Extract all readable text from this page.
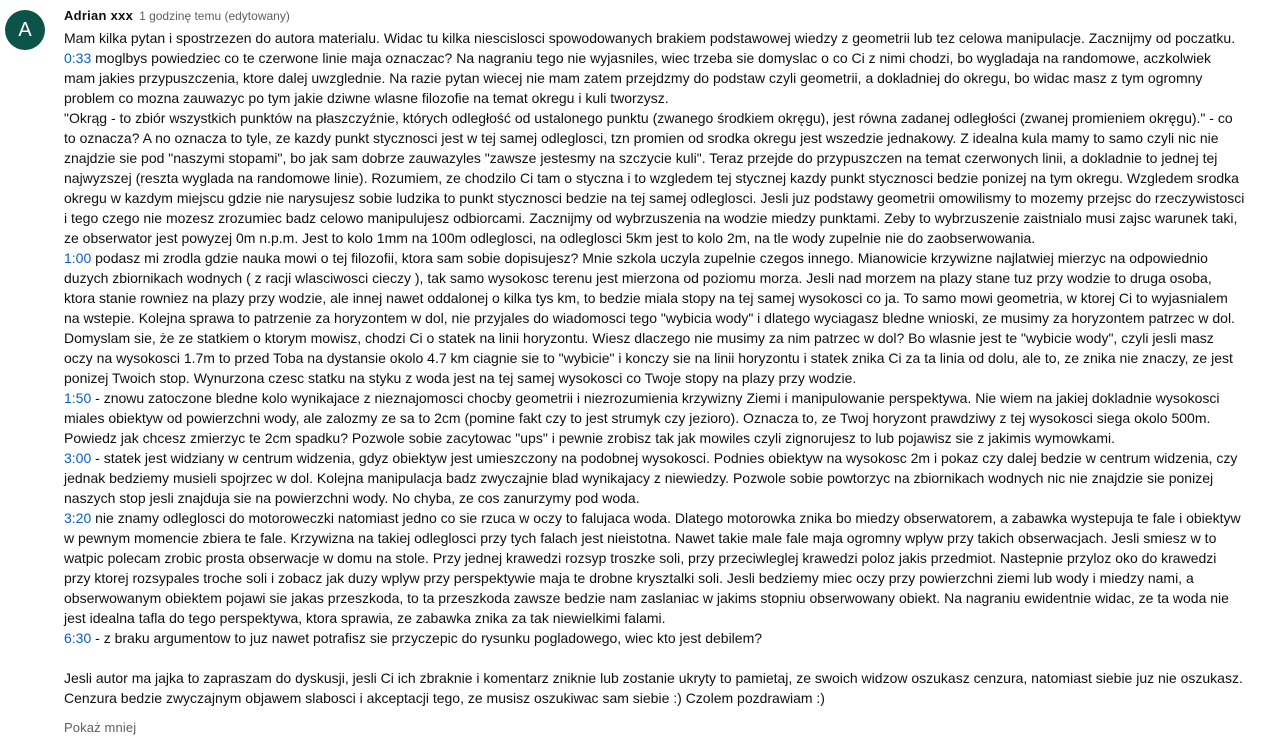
A
Adrian xxx 1 godzinę temu (edytowany)
Mam kilka pytan i spostrzezen do autora materialu. Widac tu kilka niescislosci spowodowanych brakiem podstawowej wiedzy z geometrii lub tez celowa manipulacje. Zacznijmy od poczatku.
0:33 moglbys powiedziec co te czerwone linie maja oznaczac? Na nagraniu tego nie wyjasniles, wiec trzeba sie domyslac o co Ci z nimi chodzi, bo wygladaja na randomowe, aczkolwiek mam jakies przypuszczenia, ktore dalej uwzglednie. Na razie pytan wiecej nie mam zatem przejdzmy do podstaw czyli geometrii, a dokladniej do okregu, bo widac masz z tym ogromny problem co mozna zauwazyc po tym jakie dziwne wlasne filozofie na temat okregu i kuli tworzysz.
"Okrąg - to zbiór wszystkich punktów na płaszczyźnie, których odległość od ustalonego punktu (zwanego środkiem okręgu), jest równa zadanej odległości (zwanej promieniem okręgu)." - co to oznacza? A no oznacza to tyle, ze kazdy punkt stycznosci jest w tej samej odleglosci, tzn promien od srodka okregu jest wszedzie jednakowy. Z idealna kula mamy to samo czyli nic nie znajdzie sie pod "naszymi stopami", bo jak sam dobrze zauwazyles "zawsze jestesmy na szczycie kuli". Teraz przejde do przypuszczen na temat czerwonych linii, a dokladnie to jednej tej najwyzszej (reszta wyglada na randomowe linie). Rozumiem, ze chodzilo Ci tam o styczna i to wzgledem tej stycznej kazdy punkt stycznosci bedzie ponizej na tym okregu. Wzgledem srodka okregu w kazdym miejscu gdzie nie narysujesz sobie ludzika to punkt stycznosci bedzie na tej samej odleglosci. Jesli juz podstawy geometrii omowilismy to mozemy przejsc do rzeczywistosci i tego czego nie mozesz zrozumiec badz celowo manipulujesz odbiorcami. Zacznijmy od wybrzuszenia na wodzie miedzy punktami. Zeby to wybrzuszenie zaistnialo musi zajsc warunek taki, ze obserwator jest powyzej 0m n.p.m. Jest to kolo 1mm na 100m odleglosci, na odleglosci 5km jest to kolo 2m, na tle wody zupelnie nie do zaobserwowania.
1:00 podasz mi zrodla gdzie nauka mowi o tej filozofii, ktora sam sobie dopisujesz? Mnie szkola uczyla zupelnie czegos innego. Mianowicie krzywizne najlatwiej mierzyc na odpowiednio duzych zbiornikach wodnych ( z racji wlasciwosci cieczy ), tak samo wysokosc terenu jest mierzona od poziomu morza. Jesli nad morzem na plazy stane tuz przy wodzie to druga osoba, ktora stanie rowniez na plazy przy wodzie, ale innej nawet oddalonej o kilka tys km, to bedzie miala stopy na tej samej wysokosci co ja. To samo mowi geometria, w ktorej Ci to wyjasnialem na wstepie. Kolejna sprawa to patrzenie za horyzontem w dol, nie przyjales do wiadomosci tego "wybicia wody" i dlatego wyciagasz bledne wnioski, ze musimy za horyzontem patrzec w dol. Domyslam sie, że ze statkiem o ktorym mowisz, chodzi Ci o statek na linii horyzontu. Wiesz dlaczego nie musimy za nim patrzec w dol? Bo wlasnie jest te "wybicie wody", czyli jesli masz oczy na wysokosci 1.7m to przed Toba na dystansie okolo 4.7 km ciagnie sie to "wybicie" i konczy sie na linii horyzontu i statek znika Ci za ta linia od dolu, ale to, ze znika nie znaczy, ze jest ponizej Twoich stop. Wynurzona czesc statku na styku z woda jest na tej samej wysokosci co Twoje stopy na plazy przy wodzie.
1:50 - znowu zatoczone bledne kolo wynikajace z nieznajomosci chocby geometrii i niezrozumienia krzywizny Ziemi i manipulowanie perspektywa. Nie wiem na jakiej dokladnie wysokosci miales obiektyw od powierzchni wody, ale zalozmy ze sa to 2cm (pomine fakt czy to jest strumyk czy jezioro). Oznacza to, ze Twoj horyzont prawdziwy z tej wysokosci siega okolo 500m. Powiedz jak chcesz zmierzyc te 2cm spadku? Pozwole sobie zacytowac "ups" i pewnie zrobisz tak jak mowiles czyli zignorujesz to lub pojawisz sie z jakimis wymowkami.
3:00 - statek jest widziany w centrum widzenia, gdyz obiektyw jest umieszczony na podobnej wysokosci. Podnies obiektyw na wysokosc 2m i pokaz czy dalej bedzie w centrum widzenia, czy jednak bedziemy musieli spojrzec w dol. Kolejna manipulacja badz zwyczajnie blad wynikajacy z niewiedzy. Pozwole sobie powtorzyc na zbiornikach wodnych nic nie znajdzie sie ponizej naszych stop jesli znajduja sie na powierzchni wody. No chyba, ze cos zanurzymy pod woda.
3:20 nie znamy odleglosci do motoroweczki natomiast jedno co sie rzuca w oczy to falujaca woda. Dlatego motorowka znika bo miedzy obserwatorem, a zabawka wystepuja te fale i obiektyw w pewnym momencie zbiera te fale. Krzywizna na takiej odleglosci przy tych falach jest nieistotna. Nawet takie male fale maja ogromny wplyw przy takich obserwacjach. Jesli smiesz w to watpic polecam zrobic prosta obserwacje w domu na stole. Przy jednej krawedzi rozsyp troszke soli, przy przeciwleglej krawedzi poloz jakis przedmiot. Nastepnie przyloz oko do krawedzi przy ktorej rozsypales troche soli i zobacz jak duzy wplyw przy perspektywie maja te drobne krysztalki soli. Jesli bedziemy miec oczy przy powierzchni ziemi lub wody i miedzy nami, a obserwowanym obiektem pojawi sie jakas przeszkoda, to ta przeszkoda zawsze bedzie nam zaslaniac w jakims stopniu obserwowany obiekt. Na nagraniu ewidentnie widac, ze ta woda nie jest idealna tafla do tego perspektywa, ktora sprawia, ze zabawka znika za tak niewielkimi falami.
6:30 - z braku argumentow to juz nawet potrafisz sie przyczepic do rysunku pogladowego, wiec kto jest debilem?
Jesli autor ma jajka to zapraszam do dyskusji, jesli Ci ich zbraknie i komentarz zniknie lub zostanie ukryty to pamietaj, ze swoich widzow oszukasz cenzura, natomiast siebie juz nie oszukasz. Cenzura bedzie zwyczajnym objawem slabosci i akceptacji tego, ze musisz oszukiwac sam siebie :) Czolem pozdrawiam :)
Pokaż mniej
